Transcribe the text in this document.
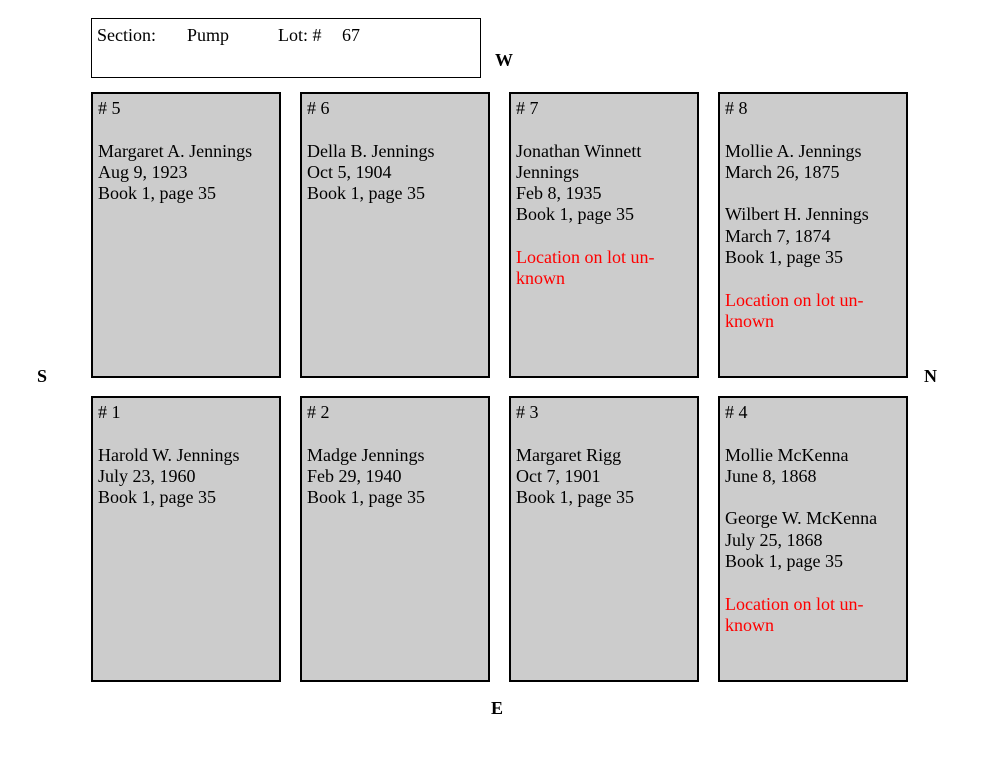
Section: Pump	Lot: # 67
W
E
S	N
# 5
Margaret A. Jennings
Aug 9, 1923
Book 1, page 35
# 6
Della B. Jennings
Oct 5, 1904
Book 1, page 35
# 7
Jonathan Winnett
Jennings
Feb 8, 1935
Book 1, page 35
Location on lot un-
known
# 8
Mollie A. Jennings
March 26, 1875
Wilbert H. Jennings
March 7, 1874
Book 1, page 35
Location on lot un-
known
# 1
Harold W. Jennings
July 23, 1960
Book 1, page 35
# 2
Madge Jennings
Feb 29, 1940
Book 1, page 35
# 3
Margaret Rigg
Oct 7, 1901
Book 1, page 35
# 4
Mollie McKenna
June 8, 1868
George W. McKenna
July 25, 1868
Book 1, page 35
Location on lot un-
known
